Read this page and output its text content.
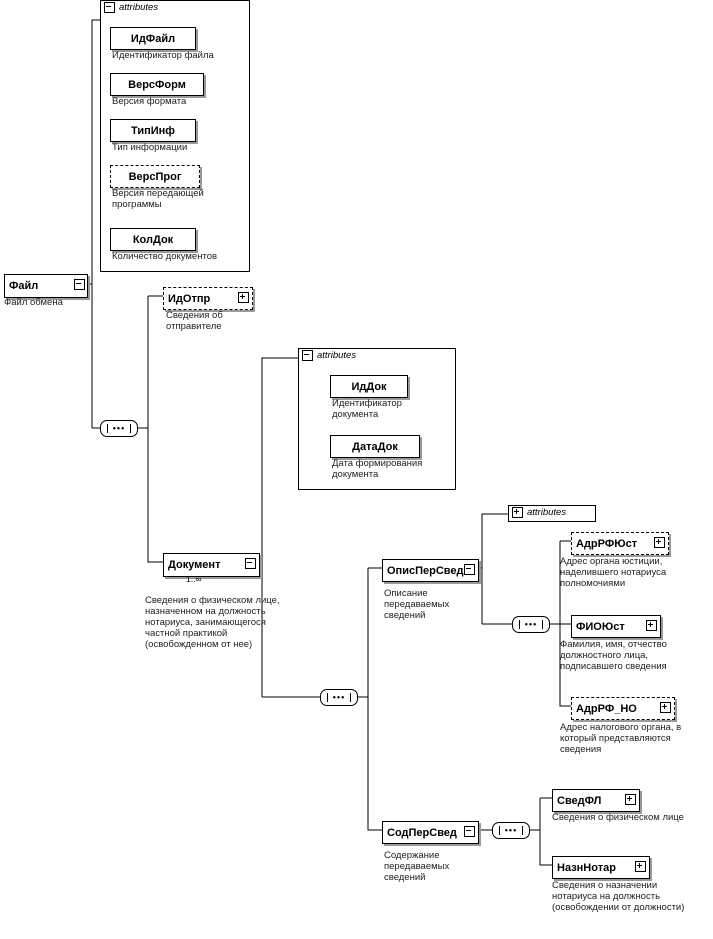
attributes
ИдФайл
Идентификатор файла
ВерсФорм
Версия формата
ТипИнф
Тип информации
ВерсПрог
Версия передающей программы
КолДок
Количество документов
Файл
Файл обмена
•••
ИдОтпр
Сведения об отправителе
attributes
ИдДок
Идентификатор документа
ДатаДок
Дата формирования документа
Документ
1..∞
Сведения о физическом лице, назначенном на должность нотариуса, занимающегося частной практикой (освобожденном от нее)
•••
ОписПерСвед
Описание передаваемых сведений
attributes
•••
АдрРФЮст
Адрес органа юстиции, наделившего нотариуса полномочиями
ФИОЮст
Фамилия, имя, отчество должностного лица, подписавшего сведения
АдрРФ_НО
Адрес налогового органа, в который представляются сведения
СодПерСвед
Содержание передаваемых сведений
•••
СведФЛ
Сведения о физическом лице
НазнНотар
Сведения о назначении нотариуса на должность (освобождении от должности)
